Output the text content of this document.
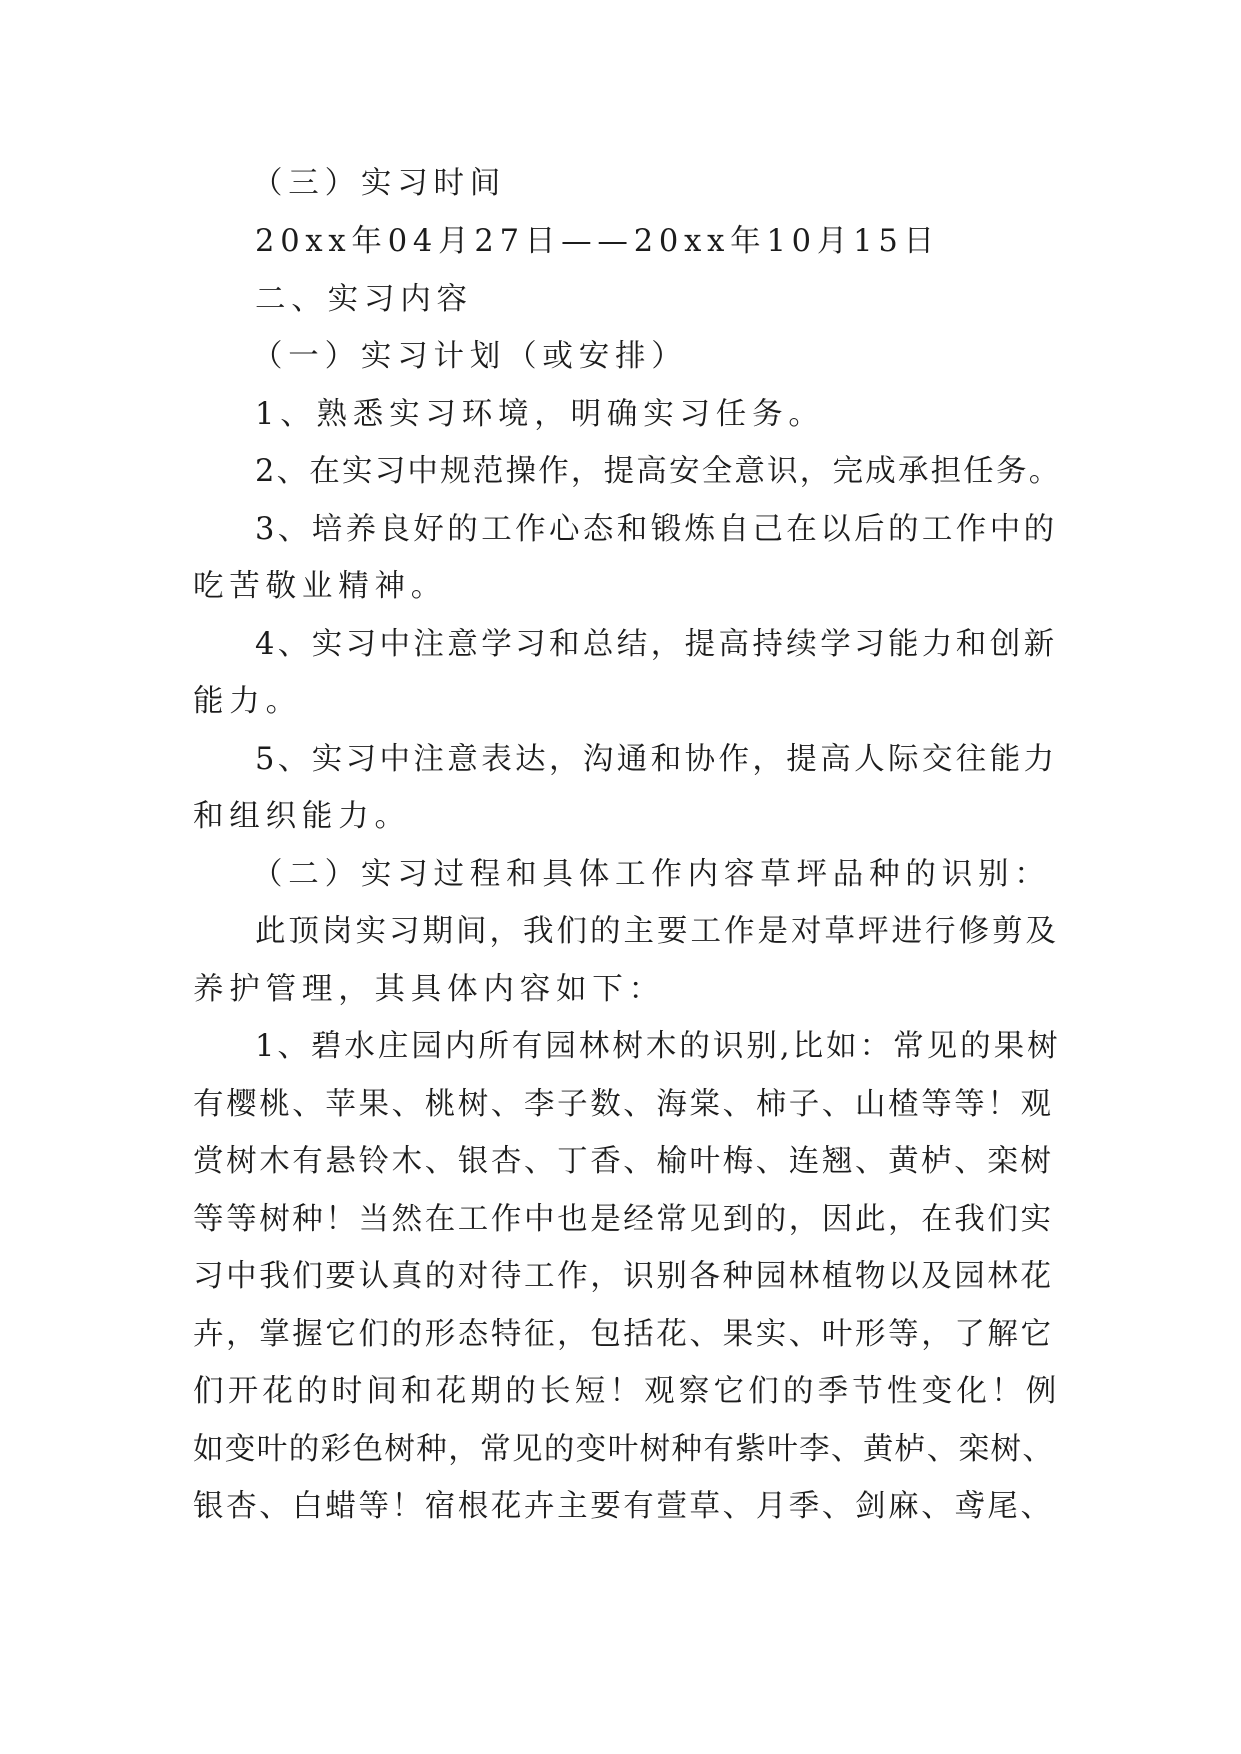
（三）实习时间
20xx年04月27日——20xx年10月15日
二、实习内容
（一）实习计划（或安排）
1、熟悉实习环境，明确实习任务。
2、在实习中规范操作，提高安全意识，完成承担任务。
3、培养良好的工作心态和锻炼自己在以后的工作中的
吃苦敬业精神。
4、实习中注意学习和总结，提高持续学习能力和创新
能力。
5、实习中注意表达，沟通和协作，提高人际交往能力
和组织能力。
（二）实习过程和具体工作内容草坪品种的识别：
此顶岗实习期间，我们的主要工作是对草坪进行修剪及
养护管理，其具体内容如下：
1、碧水庄园内所有园林树木的识别,比如：常见的果树
有樱桃、苹果、桃树、李子数、海棠、柿子、山楂等等！观
赏树木有悬铃木、银杏、丁香、榆叶梅、连翘、黄栌、栾树
等等树种！当然在工作中也是经常见到的，因此，在我们实
习中我们要认真的对待工作，识别各种园林植物以及园林花
卉，掌握它们的形态特征，包括花、果实、叶形等，了解它
们开花的时间和花期的长短！观察它们的季节性变化！例
如变叶的彩色树种，常见的变叶树种有紫叶李、黄栌、栾树、
银杏、白蜡等！宿根花卉主要有萱草、月季、剑麻、鸢尾、
